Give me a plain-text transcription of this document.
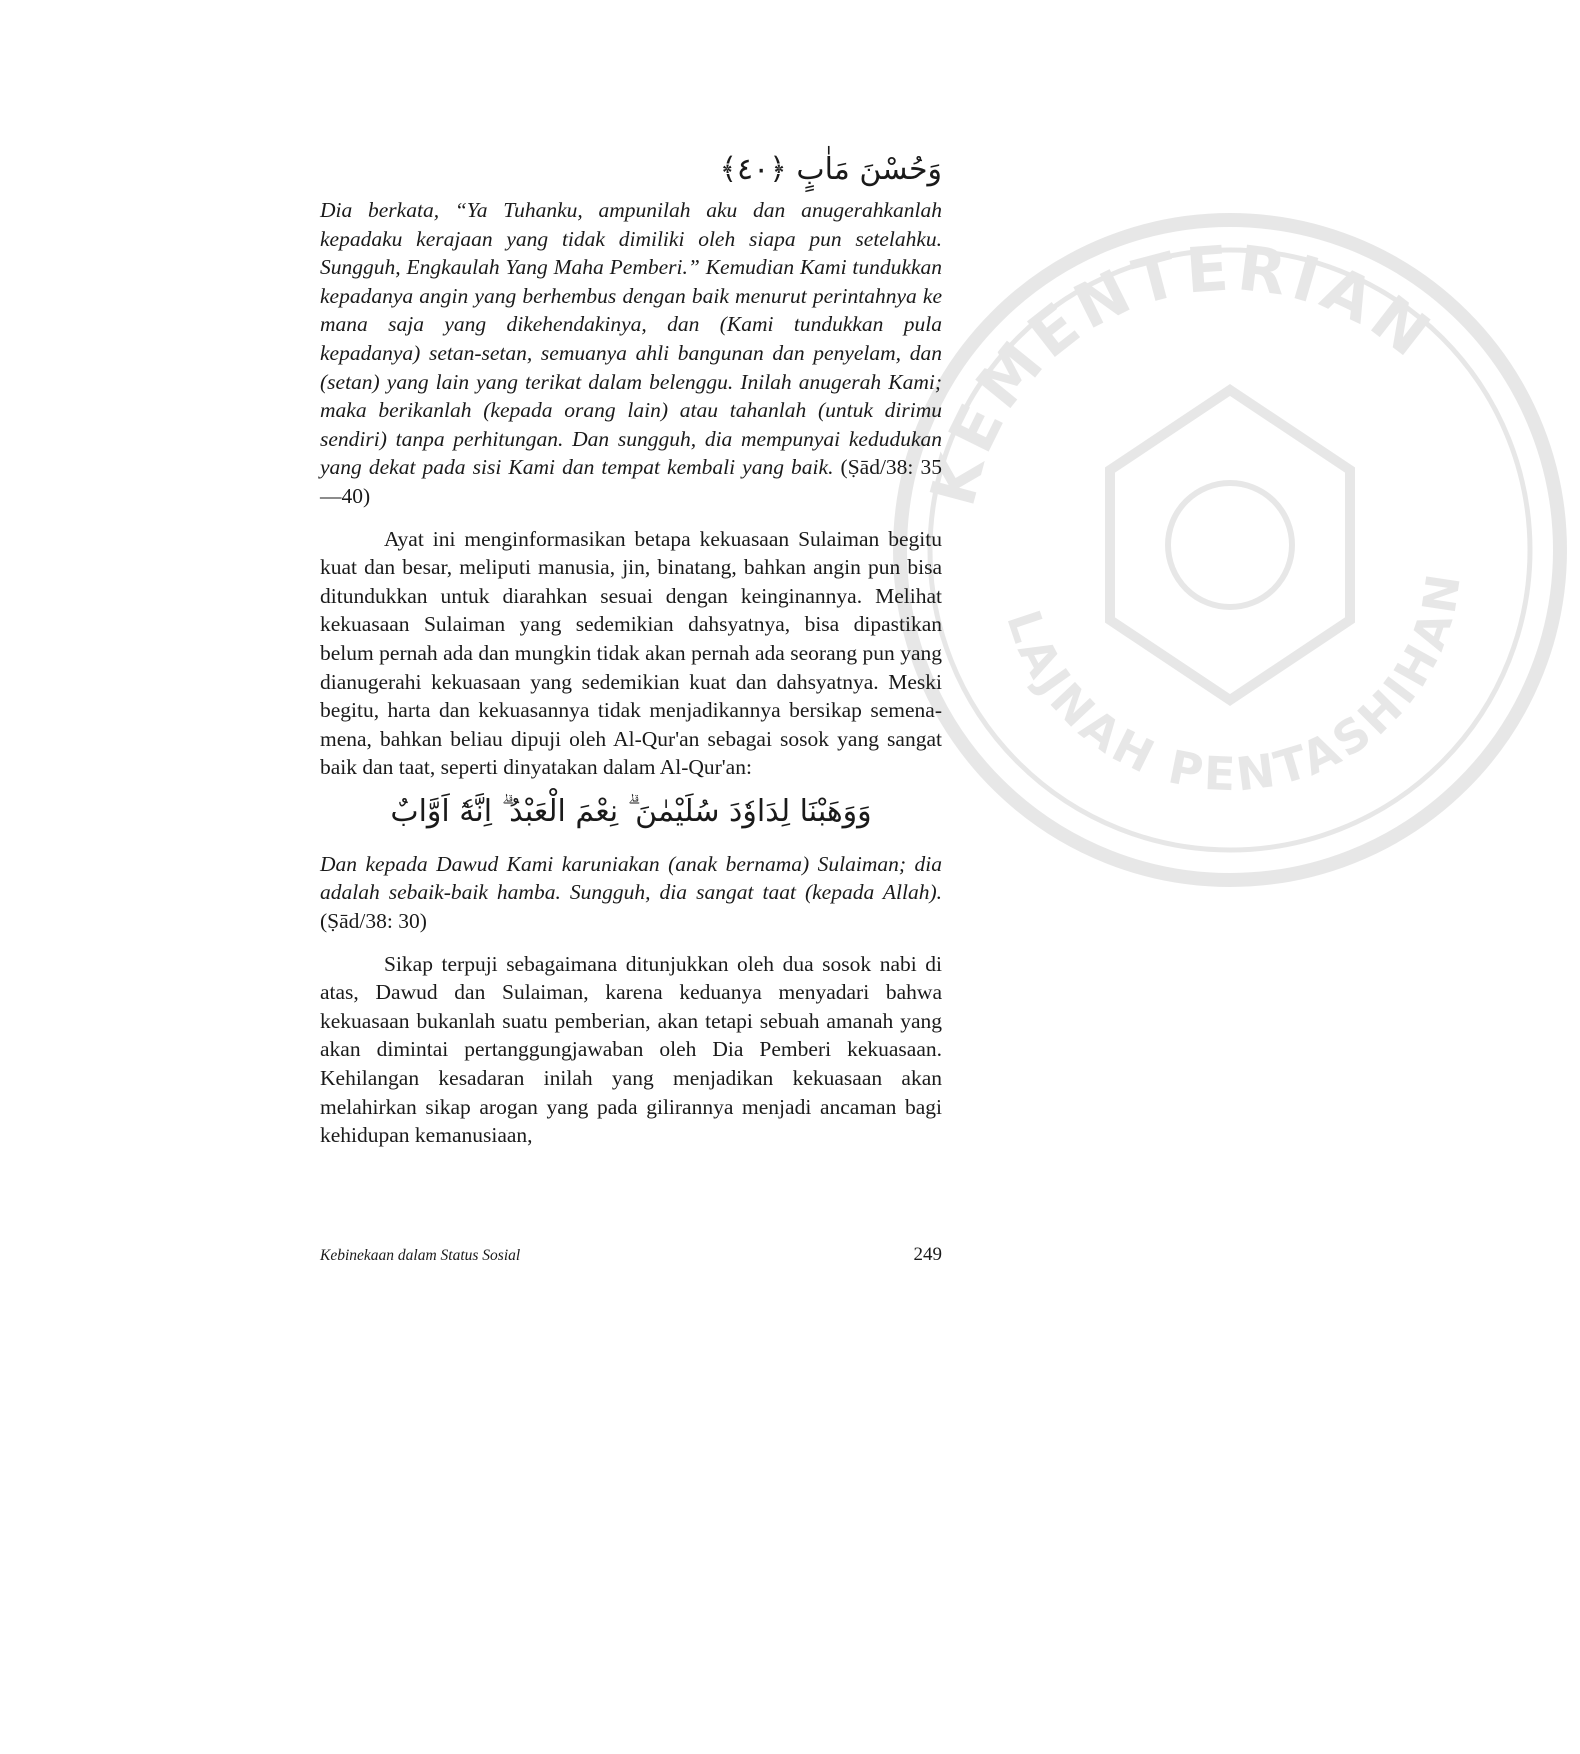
KEMENTERIAN
LAJNAH PENTASHIHAN

وَحُسْنَ مَاٰبٍ ﴿٤٠﴾

Dia berkata, “Ya Tuhanku, ampunilah aku dan anugerahkanlah kepadaku kerajaan yang tidak dimiliki oleh siapa pun setelahku. Sungguh, Engkaulah Yang Maha Pemberi.” Kemudian Kami tundukkan kepadanya angin yang berhembus dengan baik menurut perintahnya ke mana saja yang dikehendakinya, dan (Kami tundukkan pula kepadanya) setan-setan, semuanya ahli bangunan dan penyelam, dan (setan) yang lain yang terikat dalam belenggu. Inilah anugerah Kami; maka berikanlah (kepada orang lain) atau tahanlah (untuk dirimu sendiri) tanpa perhitungan. Dan sungguh, dia mempunyai kedudukan yang dekat pada sisi Kami dan tempat kembali yang baik. (Ṣād/38: 35—40)

Ayat ini menginformasikan betapa kekuasaan Sulaiman begitu kuat dan besar, meliputi manusia, jin, binatang, bahkan angin pun bisa ditundukkan untuk diarahkan sesuai dengan keinginannya. Melihat kekuasaan Sulaiman yang sedemikian dahsyatnya, bisa dipastikan belum pernah ada dan mungkin tidak akan pernah ada seorang pun yang dianugerahi kekuasaan yang sedemikian kuat dan dahsyatnya. Meski begitu, harta dan kekuasannya tidak menjadikannya bersikap semena-mena, bahkan beliau dipuji oleh Al-Qur'an sebagai sosok yang sangat baik dan taat, seperti dinyatakan dalam Al-Qur'an:

وَوَهَبْنَا لِدَاوٗدَ سُلَيْمٰنَ ۗ نِعْمَ الْعَبْدُ ۗ اِنَّهٗٓ اَوَّابٌ

Dan kepada Dawud Kami karuniakan (anak bernama) Sulaiman; dia adalah sebaik-baik hamba. Sungguh, dia sangat taat (kepada Allah). (Ṣād/38: 30)

Sikap terpuji sebagaimana ditunjukkan oleh dua sosok nabi di atas, Dawud dan Sulaiman, karena keduanya menyadari bahwa kekuasaan bukanlah suatu pemberian, akan tetapi sebuah amanah yang akan dimintai pertanggungjawaban oleh Dia Pemberi kekuasaan. Kehilangan kesadaran inilah yang menjadikan kekuasaan akan melahirkan sikap arogan yang pada gilirannya menjadi ancaman bagi kehidupan kemanusiaan,

Kebinekaan dalam Status Sosial	249
